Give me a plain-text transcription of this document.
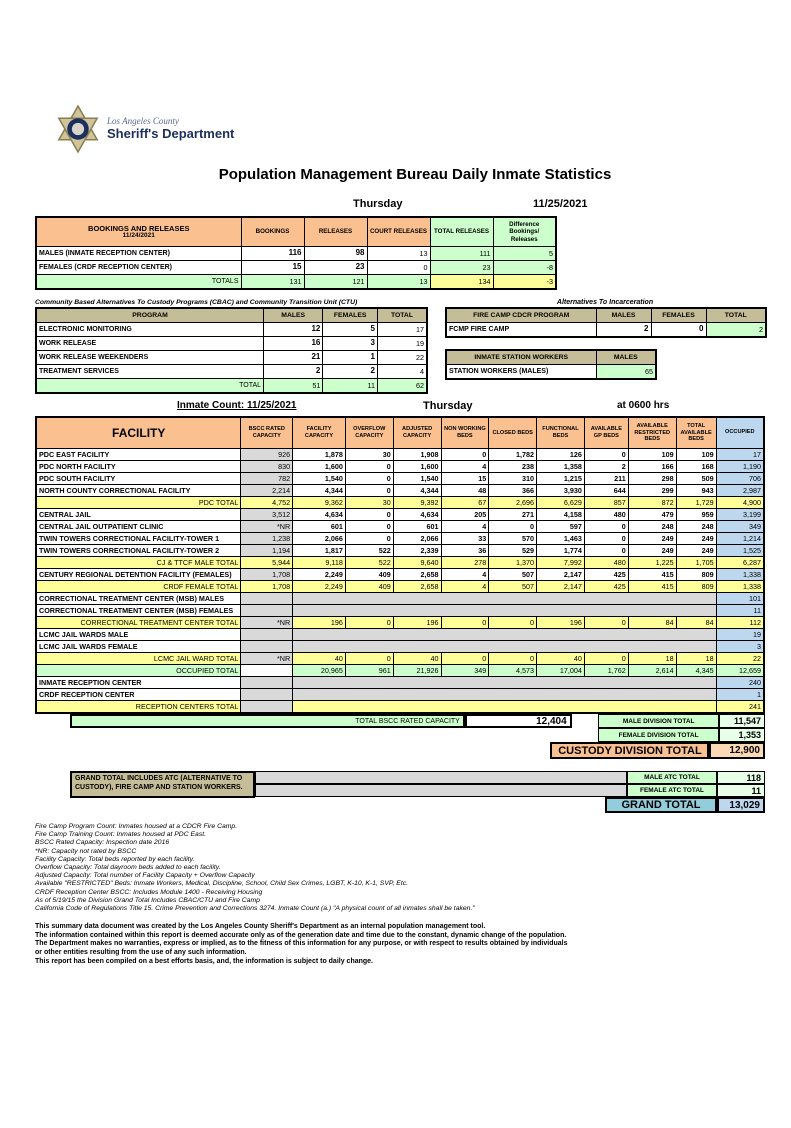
Los Angeles County
Sheriff's Department
Population Management Bureau Daily Inmate Statistics
Thursday	11/25/2021
BOOKINGS AND RELEASES
11/24/2021	BOOKINGS	RELEASES	COURT RELEASES	TOTAL RELEASES	Difference Bookings/ Releases
MALES (INMATE RECEPTION CENTER)	116	98	13	111	5
FEMALES (CRDF RECEPTION CENTER)	15	23	0	23	-8
TOTALS	131	121	13	134	-3
Community Based Alternatives To Custody Programs (CBAC) and Community Transition Unit (CTU)
PROGRAM	MALES	FEMALES	TOTAL
ELECTRONIC MONITORING	12	5	17
WORK RELEASE	16	3	19
WORK RELEASE WEEKENDERS	21	1	22
TREATMENT SERVICES	2	2	4
TOTAL	51	11	62
Alternatives To Incarceration
FIRE CAMP CDCR PROGRAM	MALES	FEMALES	TOTAL
FCMP FIRE CAMP	2	0	2
INMATE STATION WORKERS	MALES
STATION WORKERS (MALES)	65
Inmate Count: 11/25/2021	Thursday	at 0600 hrs
FACILITY	BSCC RATED CAPACITY	FACILITY CAPACITY	OVERFLOW CAPACITY	ADJUSTED CAPACITY	NON WORKING BEDS	CLOSED BEDS	FUNCTIONAL BEDS	AVAILABLE GP BEDS	AVAILABLE RESTRICTED BEDS	TOTAL AVAILABLE BEDS	OCCUPIED
PDC EAST FACILITY	926	1,878	30	1,908	0	1,782	126	0	109	109	17
PDC NORTH FACILITY	830	1,600	0	1,600	4	238	1,358	2	166	168	1,190
PDC SOUTH FACILITY	782	1,540	0	1,540	15	310	1,215	211	298	509	706
NORTH COUNTY CORRECTIONAL FACILITY	2,214	4,344	0	4,344	48	366	3,930	644	299	943	2,987
PDC TOTAL	4,752	9,362	30	9,392	67	2,696	6,629	857	872	1,729	4,900
CENTRAL JAIL	3,512	4,634	0	4,634	205	271	4,158	480	479	959	3,199
CENTRAL JAIL OUTPATIENT CLINIC	*NR	601	0	601	4	0	597	0	248	248	349
TWIN TOWERS CORRECTIONAL FACILITY-TOWER 1	1,238	2,066	0	2,066	33	570	1,463	0	249	249	1,214
TWIN TOWERS CORRECTIONAL FACILITY-TOWER 2	1,194	1,817	522	2,339	36	529	1,774	0	249	249	1,525
CJ & TTCF MALE TOTAL	5,944	9,118	522	9,640	278	1,370	7,992	480	1,225	1,705	6,287
CENTURY REGIONAL DETENTION FACILITY (FEMALES)	1,708	2,249	409	2,658	4	507	2,147	425	415	809	1,338
CRDF FEMALE TOTAL	1,708	2,249	409	2,658	4	507	2,147	425	415	809	1,338
CORRECTIONAL TREATMENT CENTER (MSB) MALES											101
CORRECTIONAL TREATMENT CENTER (MSB) FEMALES											11
CORRECTIONAL TREATMENT CENTER TOTAL	*NR	196	0	196	0	0	196	0	84	84	112
LCMC JAIL WARDS MALE											19
LCMC JAIL WARDS FEMALE											3
LCMC JAIL WARD TOTAL	*NR	40	0	40	0	0	40	0	18	18	22
OCCUPIED TOTAL		20,965	961	21,926	349	4,573	17,004	1,762	2,614	4,345	12,659
INMATE RECEPTION CENTER											240
CRDF RECEPTION CENTER											1
RECEPTION CENTERS TOTAL											241
TOTAL BSCC RATED CAPACITY	12,404	MALE DIVISION TOTAL	11,547
FEMALE DIVISION TOTAL	1,353
CUSTODY DIVISION TOTAL	12,900
GRAND TOTAL INCLUDES ATC (ALTERNATIVE TO CUSTODY), FIRE CAMP AND STATION WORKERS.
MALE ATC TOTAL	118
FEMALE ATC TOTAL	11
GRAND TOTAL	13,029
Fire Camp Program Count: Inmates housed at a CDCR Fire Camp.
Fire Camp Training Count: Inmates housed at PDC East.
BSCC Rated Capacity: Inspection date 2016
*NR: Capacity not rated by BSCC
Facility Capacity: Total beds reported by each facility.
Overflow Capacity: Total dayroom beds added to each facility.
Adjusted Capacity: Total number of Facility Capacity + Overflow Capacity
Available "RESTRICTED" Beds: Inmate Workers, Medical, Discipline, School, Child Sex Crimes, LGBT, K-10, K-1, SVP, Etc.
CRDF Reception Center BSCC: Includes Module 1400 - Receiving Housing
As of 5/19/15 the Division Grand Total Includes CBAC/CTU and Fire Camp
California Code of Regulations Title 15. Crime Prevention and Corrections 3274. Inmate Count (a.) "A physical count of all inmates shall be taken."
This summary data document was created by the Los Angeles County Sheriff's Department as an internal population management tool.
The information contained within this report is deemed accurate only as of the generation date and time due to the constant, dynamic change of the population.
The Department makes no warranties, express or implied, as to the fitness of this information for any purpose, or with respect to results obtained by individuals
or other entities resulting from the use of any such information.
This report has been compiled on a best efforts basis, and, the information is subject to daily change.
